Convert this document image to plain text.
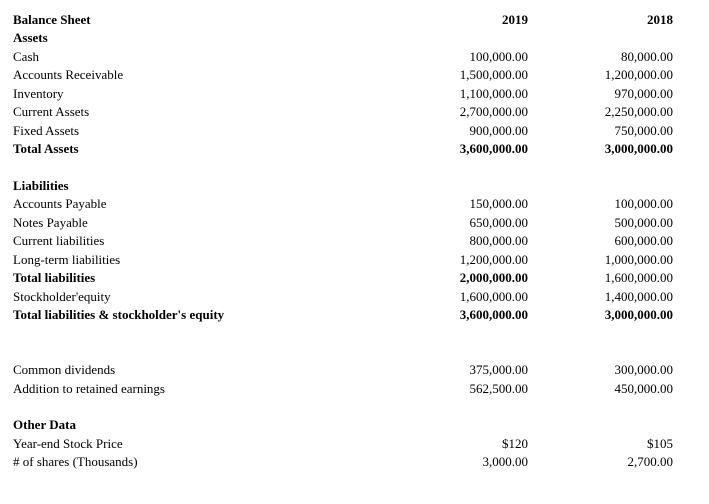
Balance Sheet	2019	2018
Assets
Cash	100,000.00	80,000.00
Accounts Receivable	1,500,000.00	1,200,000.00
Inventory	1,100,000.00	970,000.00
Current Assets	2,700,000.00	2,250,000.00
Fixed Assets	900,000.00	750,000.00
Total Assets	3,600,000.00	3,000,000.00
Liabilities
Accounts Payable	150,000.00	100,000.00
Notes Payable	650,000.00	500,000.00
Current liabilities	800,000.00	600,000.00
Long-term liabilities	1,200,000.00	1,000,000.00
Total liabilities	2,000,000.00	1,600,000.00
Stockholder'equity	1,600,000.00	1,400,000.00
Total liabilities & stockholder's equity	3,600,000.00	3,000,000.00
Common dividends	375,000.00	300,000.00
Addition to retained earnings	562,500.00	450,000.00
Other Data
Year-end Stock Price	$120	$105
# of shares (Thousands)	3,000.00	2,700.00
